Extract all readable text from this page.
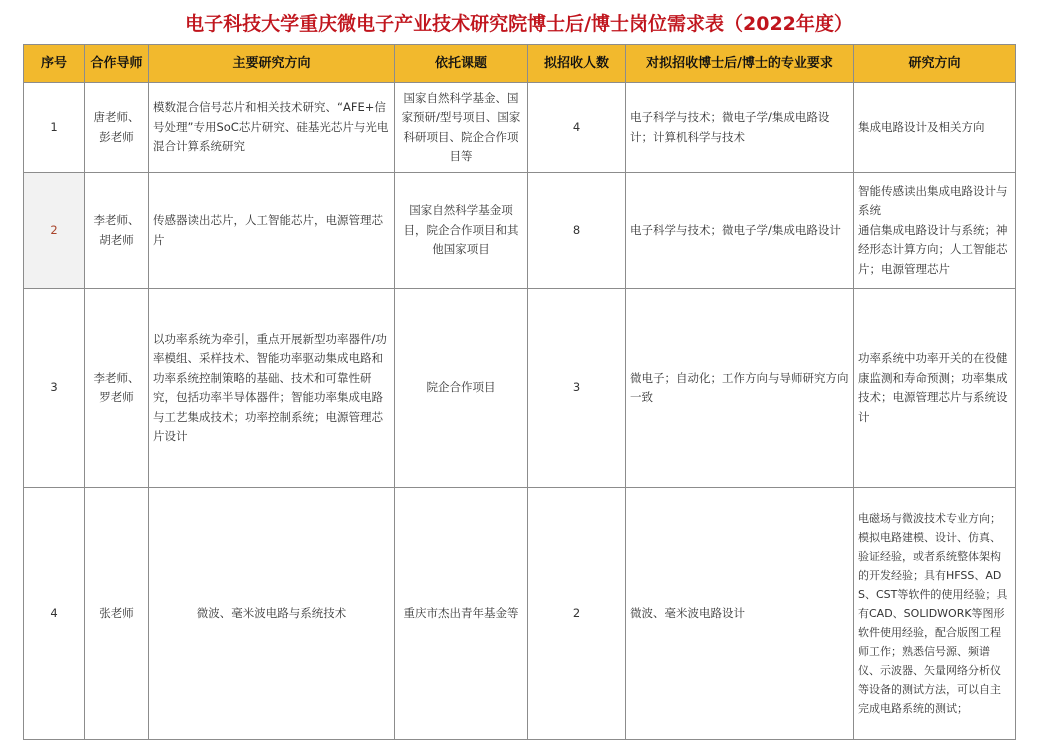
电子科技大学重庆微电子产业技术研究院博士后/博士岗位需求表（2022年度）
序号	合作导师	主要研究方向	依托课题	拟招收人数	对拟招收博士后/博士的专业要求	研究方向
1	唐老师、彭老师	模数混合信号芯片和相关技术研究、“AFE+信号处理”专用SoC芯片研究、硅基光芯片与光电混合计算系统研究	国家自然科学基金、国家预研/型号项目、国家科研项目、院企合作项目等	4	电子科学与技术；微电子学/集成电路设计；计算机科学与技术	集成电路设计及相关方向
2	李老师、胡老师	传感器读出芯片，人工智能芯片，电源管理芯片	国家自然科学基金项目，院企合作项目和其他国家项目	8	电子科学与技术；微电子学/集成电路设计	智能传感读出集成电路设计与系统
通信集成电路设计与系统；神经形态计算方向；人工智能芯片；电源管理芯片
3	李老师、罗老师	以功率系统为牵引，重点开展新型功率器件/功率模组、采样技术、智能功率驱动集成电路和功率系统控制策略的基础、技术和可靠性研究，包括功率半导体器件；智能功率集成电路与工艺集成技术；功率控制系统；电源管理芯片设计	院企合作项目	3	微电子；自动化；工作方向与导师研究方向一致	功率系统中功率开关的在役健康监测和寿命预测；功率集成技术；电源管理芯片与系统设计
4	张老师	微波、毫米波电路与系统技术	重庆市杰出青年基金等	2	微波、毫米波电路设计	电磁场与微波技术专业方向；模拟电路建模、设计、仿真、验证经验，或者系统整体架构的开发经验；具有HFSS、ADS、CST等软件的使用经验；具有CAD、SOLIDWORK等图形软件使用经验，配合版图工程师工作；熟悉信号源、频谱仪、示波器、矢量网络分析仪等设备的测试方法，可以自主完成电路系统的测试；
